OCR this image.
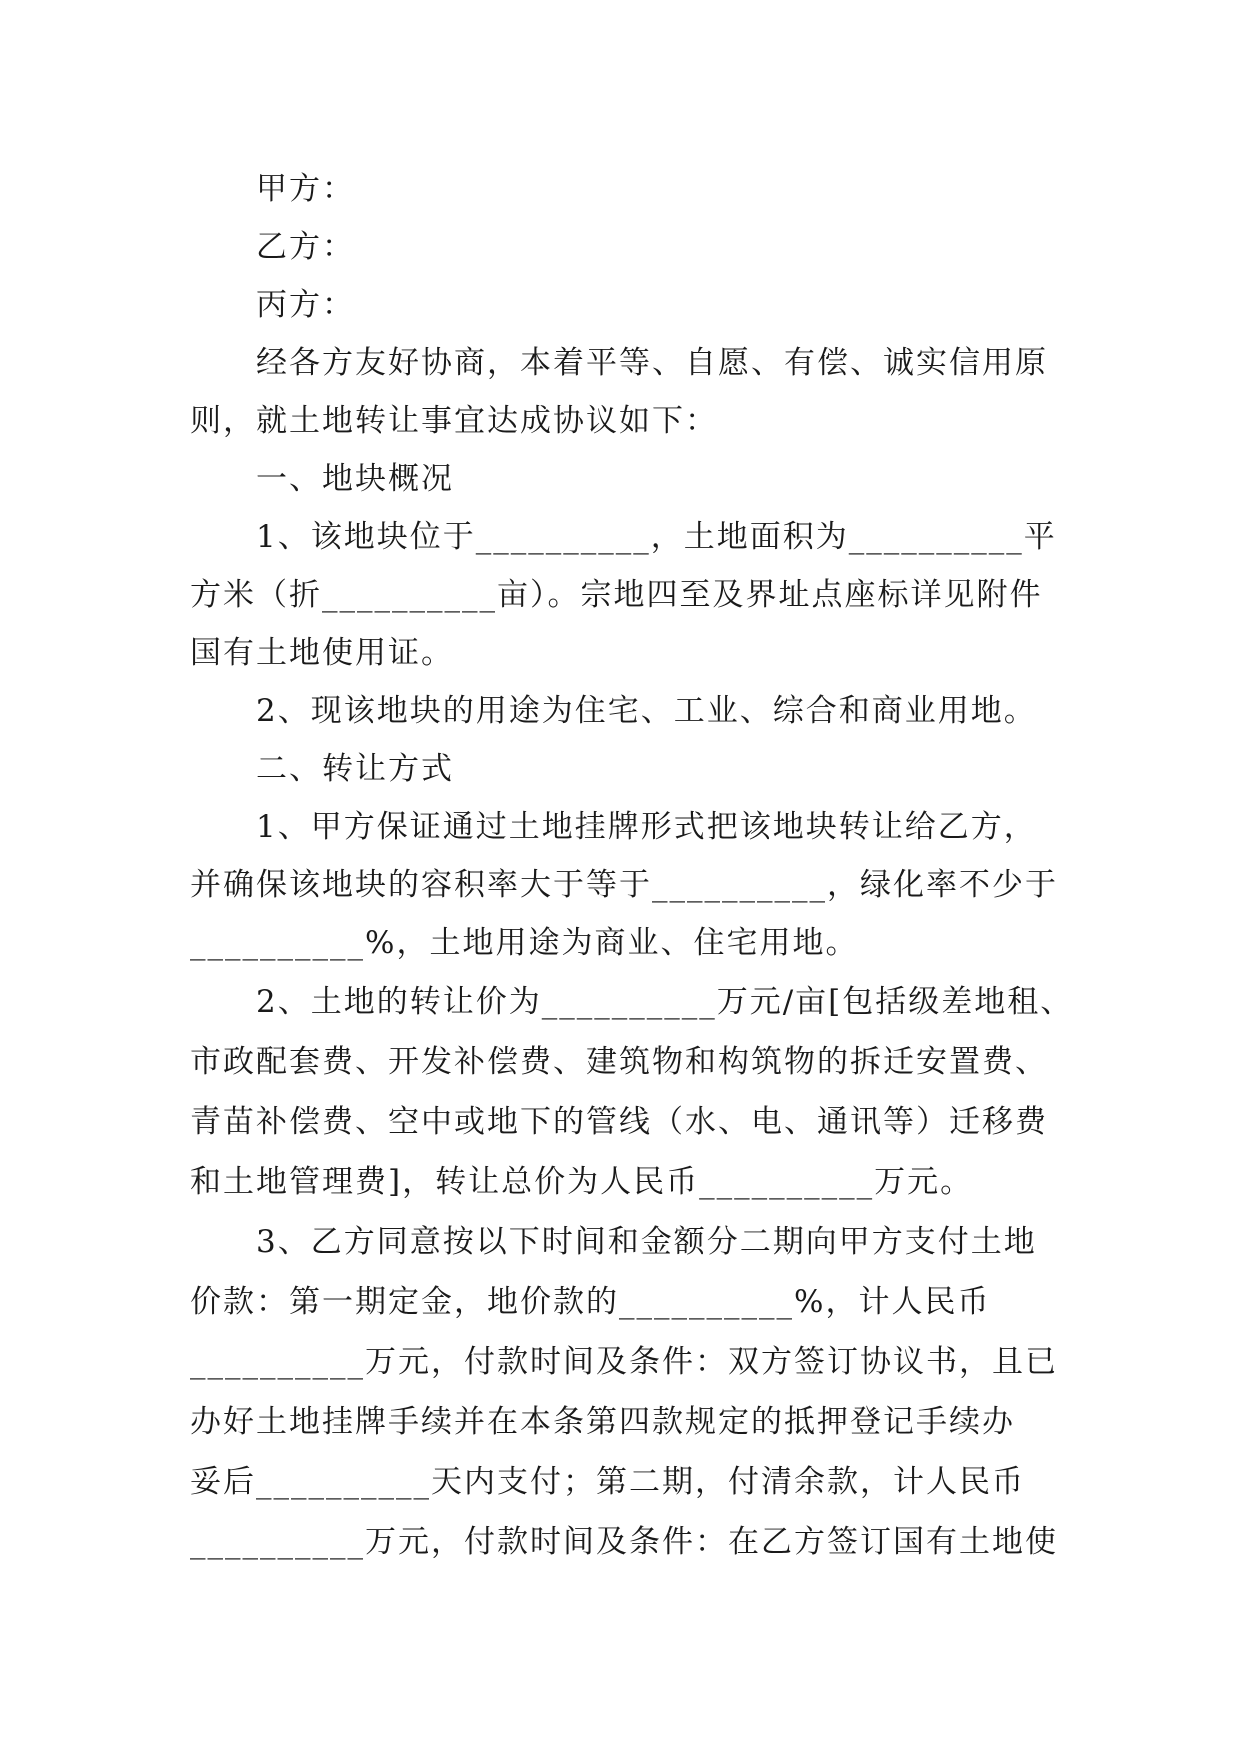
甲方：
乙方：
丙方：
经各方友好协商，本着平等、自愿、有偿、诚实信用原
则，就土地转让事宜达成协议如下：
一、地块概况
1、该地块位于__________，土地面积为__________平
方米（折__________亩）。宗地四至及界址点座标详见附件
国有土地使用证。
2、现该地块的用途为住宅、工业、综合和商业用地。
二、转让方式
1、甲方保证通过土地挂牌形式把该地块转让给乙方，
并确保该地块的容积率大于等于__________，绿化率不少于
__________%，土地用途为商业、住宅用地。
2、土地的转让价为__________万元/亩[包括级差地租、
市政配套费、开发补偿费、建筑物和构筑物的拆迁安置费、
青苗补偿费、空中或地下的管线（水、电、通讯等）迁移费
和土地管理费]，转让总价为人民币__________万元。
3、乙方同意按以下时间和金额分二期向甲方支付土地
价款：第一期定金，地价款的__________%，计人民币
__________万元，付款时间及条件：双方签订协议书，且已
办好土地挂牌手续并在本条第四款规定的抵押登记手续办
妥后__________天内支付；第二期，付清余款，计人民币
__________万元，付款时间及条件：在乙方签订国有土地使
